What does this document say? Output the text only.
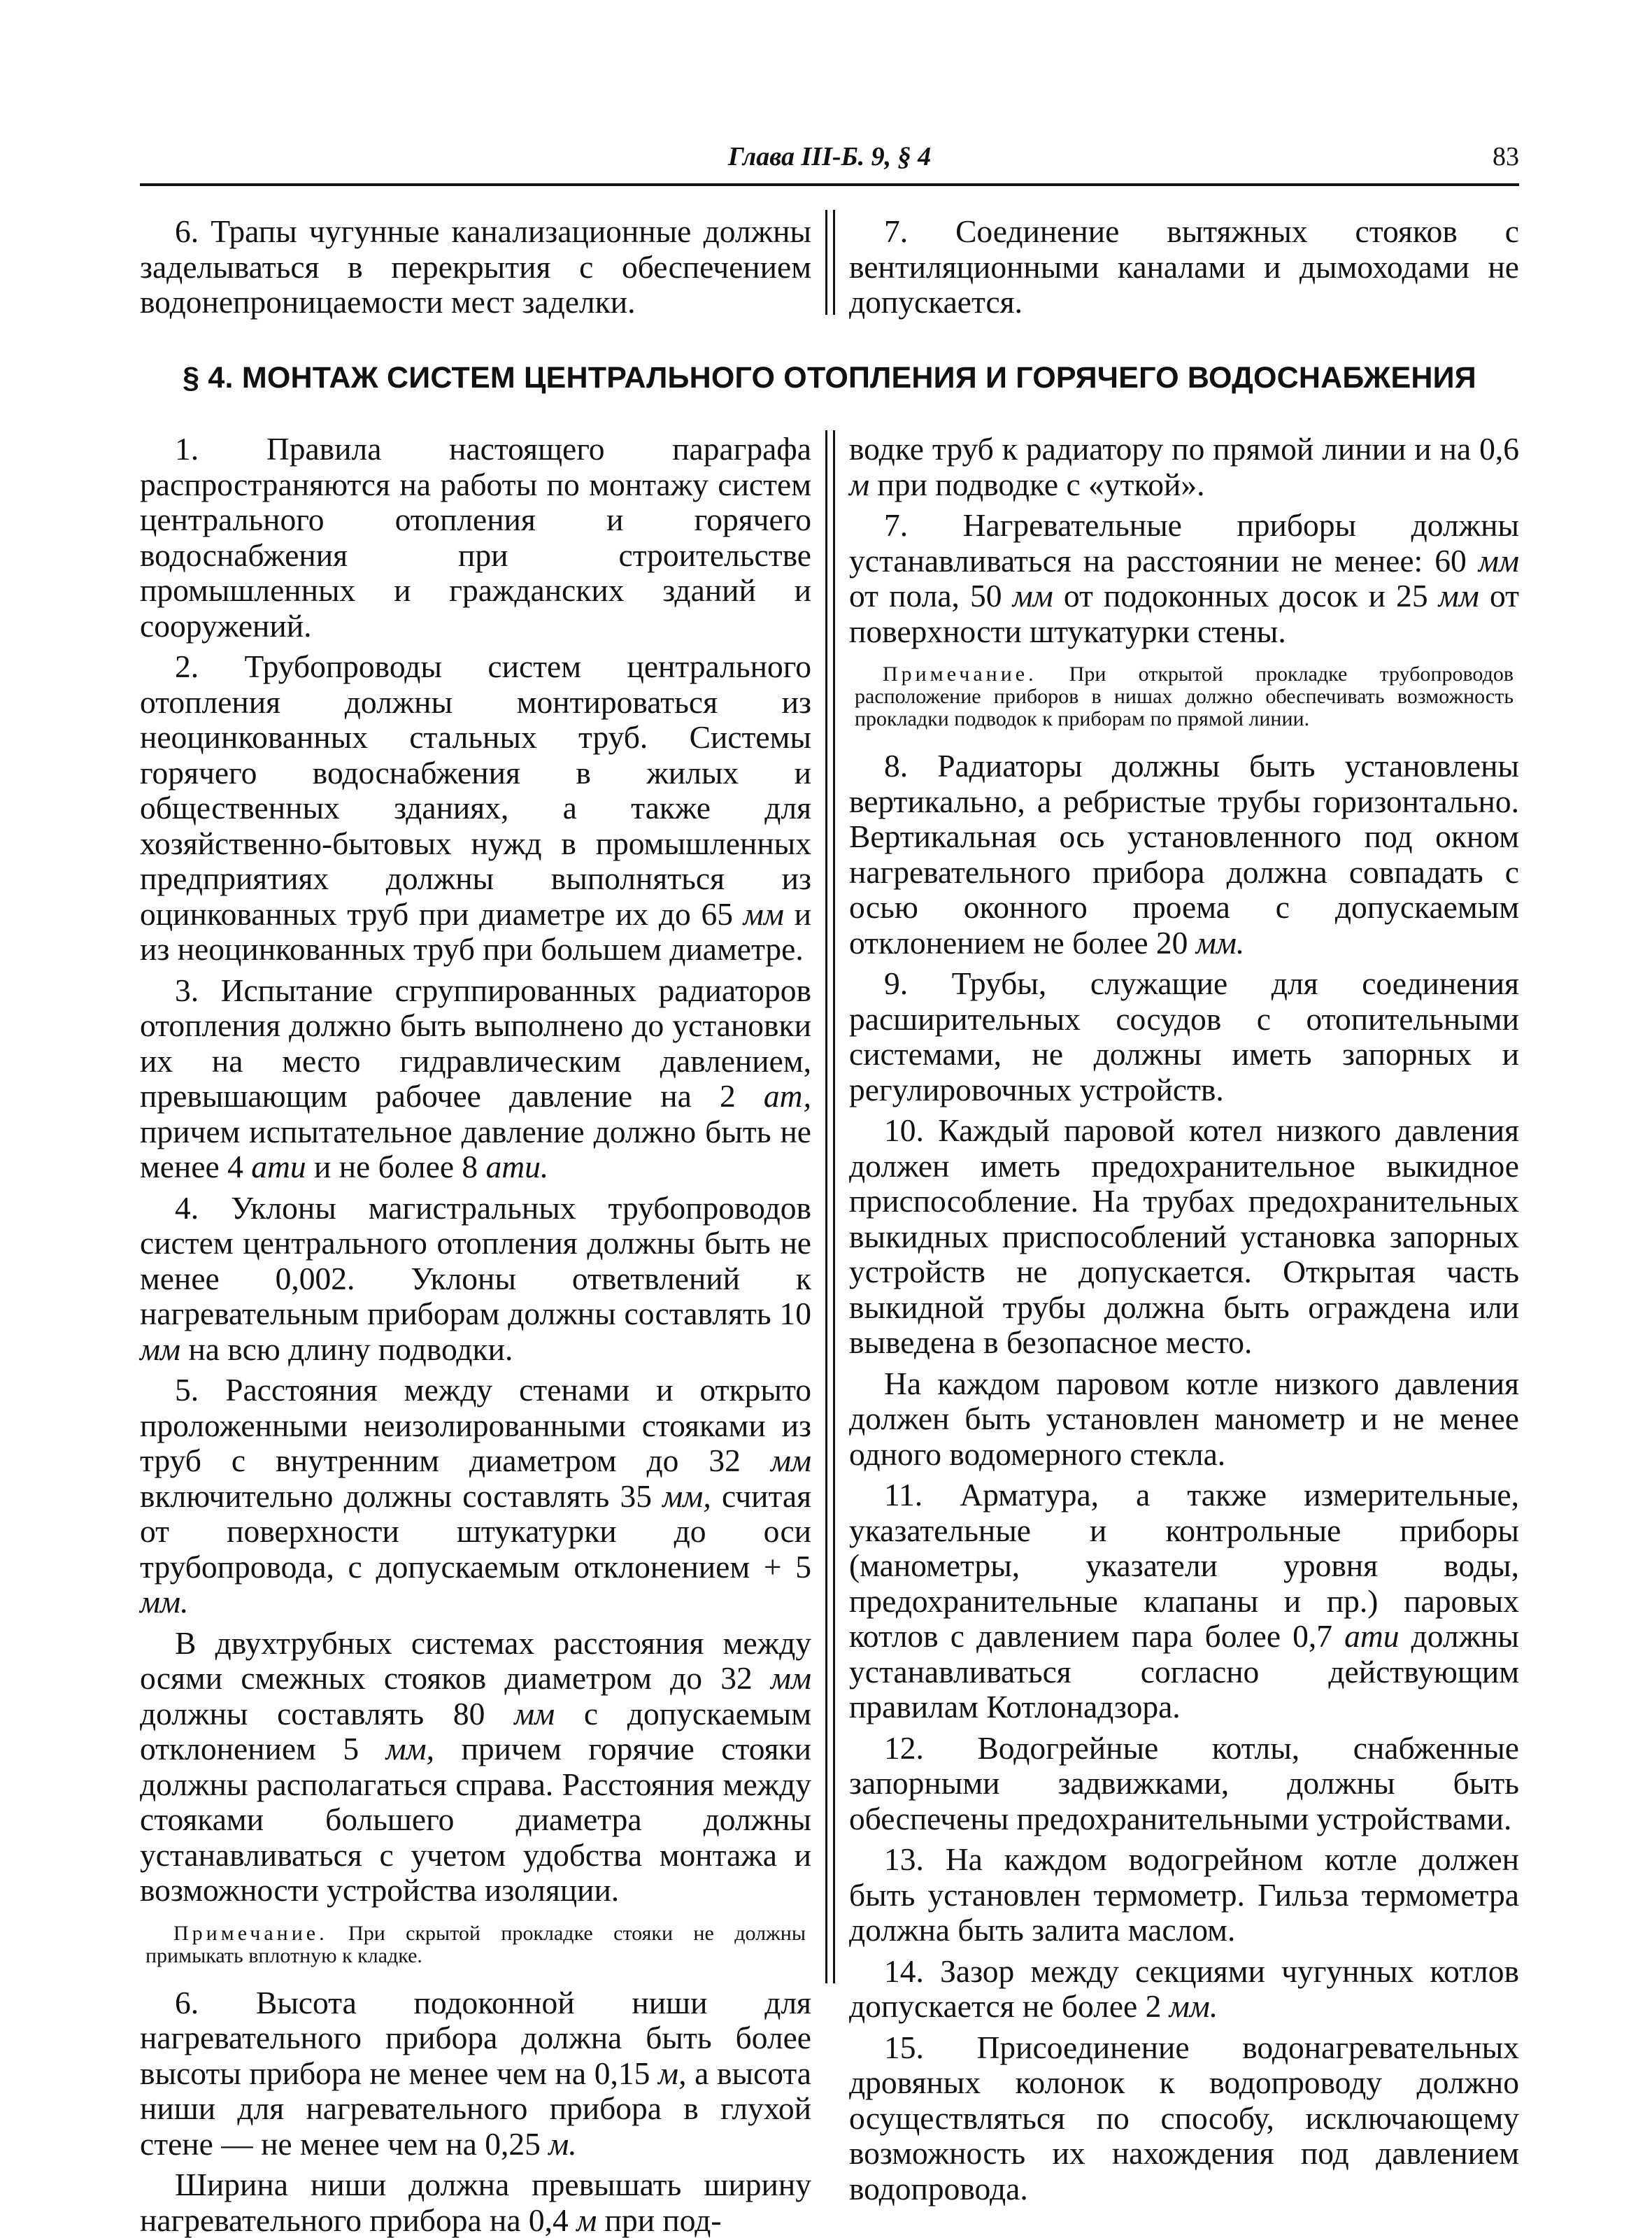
Глава III-Б. 9, § 4	83

6. Трапы чугунные канализационные должны заделываться в перекрытия с обеспечением водонепроницаемости мест заделки.

7. Соединение вытяжных стояков с вентиляционными каналами и дымоходами не допускается.

§ 4. МОНТАЖ СИСТЕМ ЦЕНТРАЛЬНОГО ОТОПЛЕНИЯ И ГОРЯЧЕГО ВОДОСНАБЖЕНИЯ

1. Правила настоящего параграфа распространяются на работы по монтажу систем центрального отопления и горячего водоснабжения при строительстве промышленных и гражданских зданий и сооружений.

2. Трубопроводы систем центрального отопления должны монтироваться из неоцинкованных стальных труб. Системы горячего водоснабжения в жилых и общественных зданиях, а также для хозяйственно-бытовых нужд в промышленных предприятиях должны выполняться из оцинкованных труб при диаметре их до 65 мм и из неоцинкованных труб при большем диаметре.

3. Испытание сгруппированных радиаторов отопления должно быть выполнено до установки их на место гидравлическим давлением, превышающим рабочее давление на 2 ат, причем испытательное давление должно быть не менее 4 ати и не более 8 ати.

4. Уклоны магистральных трубопроводов систем центрального отопления должны быть не менее 0,002. Уклоны ответвлений к нагревательным приборам должны составлять 10 мм на всю длину подводки.

5. Расстояния между стенами и открыто проложенными неизолированными стояками из труб с внутренним диаметром до 32 мм включительно должны составлять 35 мм, считая от поверхности штукатурки до оси трубопровода, с допускаемым отклонением + 5 мм.

В двухтрубных системах расстояния между осями смежных стояков диаметром до 32 мм должны составлять 80 мм с допускаемым отклонением 5 мм, причем горячие стояки должны располагаться справа. Расстояния между стояками большего диаметра должны устанавливаться с учетом удобства монтажа и возможности устройства изоляции.

Примечание. При скрытой прокладке стояки не должны примыкать вплотную к кладке.

6. Высота подоконной ниши для нагревательного прибора должна быть более высоты прибора не менее чем на 0,15 м, а высота ниши для нагревательного прибора в глухой стене — не менее чем на 0,25 м.

Ширина ниши должна превышать ширину нагревательного прибора на 0,4 м при под-

водке труб к радиатору по прямой линии и на 0,6 м при подводке с «уткой».

7. Нагревательные приборы должны устанавливаться на расстоянии не менее: 60 мм от пола, 50 мм от подоконных досок и 25 мм от поверхности штукатурки стены.

Примечание. При открытой прокладке трубопроводов расположение приборов в нишах должно обеспечивать возможность прокладки подводок к приборам по прямой линии.

8. Радиаторы должны быть установлены вертикально, а ребристые трубы горизонтально. Вертикальная ось установленного под окном нагревательного прибора должна совпадать с осью оконного проема с допускаемым отклонением не более 20 мм.

9. Трубы, служащие для соединения расширительных сосудов с отопительными системами, не должны иметь запорных и регулировочных устройств.

10. Каждый паровой котел низкого давления должен иметь предохранительное выкидное приспособление. На трубах предохранительных выкидных приспособлений установка запорных устройств не допускается. Открытая часть выкидной трубы должна быть ограждена или выведена в безопасное место.

На каждом паровом котле низкого давления должен быть установлен манометр и не менее одного водомерного стекла.

11. Арматура, а также измерительные, указательные и контрольные приборы (манометры, указатели уровня воды, предохранительные клапаны и пр.) паровых котлов с давлением пара более 0,7 ати должны устанавливаться согласно действующим правилам Котлонадзора.

12. Водогрейные котлы, снабженные запорными задвижками, должны быть обеспечены предохранительными устройствами.

13. На каждом водогрейном котле должен быть установлен термометр. Гильза термометра должна быть залита маслом.

14. Зазор между секциями чугунных котлов допускается не более 2 мм.

15. Присоединение водонагревательных дровяных колонок к водопроводу должно осуществляться по способу, исключающему возможность их нахождения под давлением водопровода.
